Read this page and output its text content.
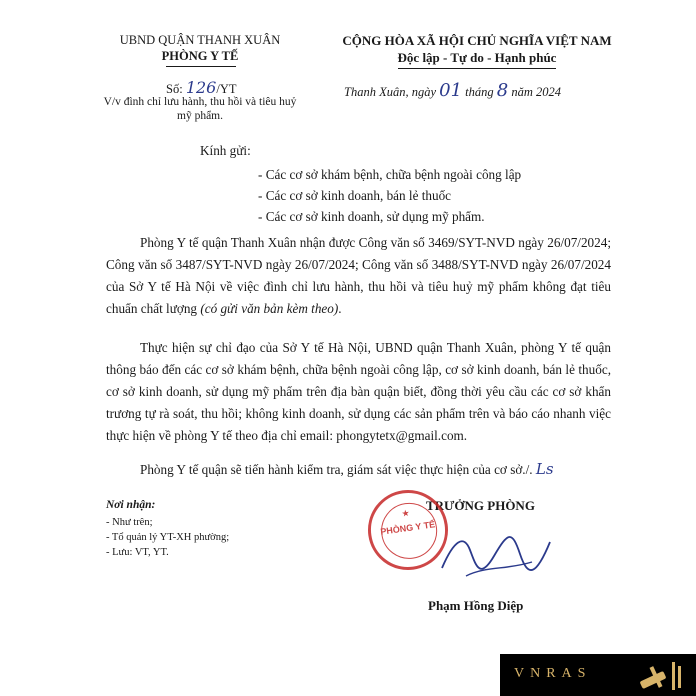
UBND QUẬN THANH XUÂN
PHÒNG Y TẾ
Số: 126/YT
V/v đình chỉ lưu hành, thu hồi và tiêu huỷ
mỹ phẩm.
CỘNG HÒA XÃ HỘI CHỦ NGHĨA VIỆT NAM
Độc lập - Tự do - Hạnh phúc
Thanh Xuân, ngày 01 tháng 8 năm 2024
Kính gửi:
- Các cơ sở khám bệnh, chữa bệnh ngoài công lập
- Các cơ sở kinh doanh, bán lẻ thuốc
- Các cơ sở kinh doanh, sử dụng mỹ phẩm.
Phòng Y tế quận Thanh Xuân nhận được Công văn số 3469/SYT-NVD ngày 26/07/2024; Công văn số 3487/SYT-NVD ngày 26/07/2024; Công văn số 3488/SYT-NVD ngày 26/07/2024 của Sở Y tế Hà Nội về việc đình chỉ lưu hành, thu hồi và tiêu huỷ mỹ phẩm không đạt tiêu chuẩn chất lượng (có gửi văn bản kèm theo).
Thực hiện sự chỉ đạo của Sở Y tế Hà Nội, UBND quận Thanh Xuân, phòng Y tế quận thông báo đến các cơ sở khám bệnh, chữa bệnh ngoài công lập, cơ sở kinh doanh, bán lẻ thuốc, cơ sở kinh doanh, sử dụng mỹ phẩm trên địa bàn quận biết, đồng thời yêu cầu các cơ sở khẩn trương tự rà soát, thu hồi; không kinh doanh, sử dụng các sản phẩm trên và báo cáo nhanh việc thực hiện về phòng Y tế theo địa chỉ email: phongytetx@gmail.com.
Phòng Y tế quận sẽ tiến hành kiểm tra, giám sát việc thực hiện của cơ sở./. Ls
Nơi nhận:
- Như trên;
- Tổ quản lý YT-XH phường;
- Lưu: VT, YT.
TRƯỞNG PHÒNG
★
PHÒNG Y TẾ
Phạm Hồng Diệp
VNRAS
